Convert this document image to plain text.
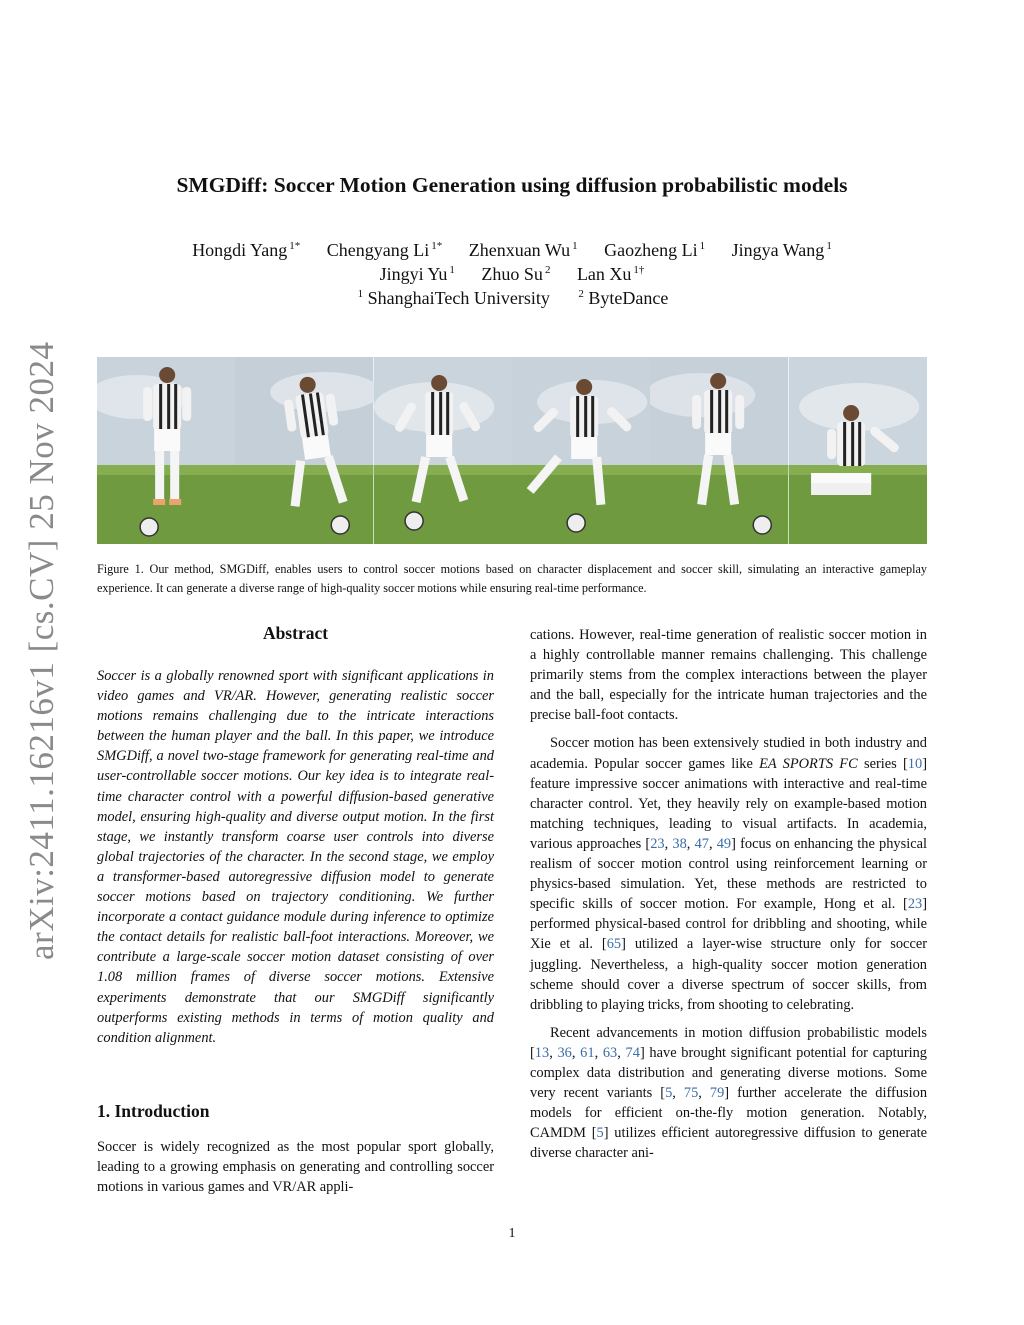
arXiv:2411.16216v1 [cs.CV] 25 Nov 2024
SMGDiff: Soccer Motion Generation using diffusion probabilistic models
Hongdi Yang $^{1*}$ Chengyang Li $^{1*}$ Zhenxuan Wu $^1$ Gaozheng Li $^1$ Jingya Wang $^1$
Jingyi Yu $^1$ Zhuo Su $^2$ Lan Xu $^{1\dagger}$
$^1$ ShanghaiTech University	$^2$ ByteDance
Figure 1. Our method, SMGDiff, enables users to control soccer motions based on character displacement and soccer skill, simulating an interactive gameplay experience. It can generate a diverse range of high-quality soccer motions while ensuring real-time performance.
Abstract
Soccer is a globally renowned sport with significant applications in video games and VR/AR. However, generating realistic soccer motions remains challenging due to the intricate interactions between the human player and the ball. In this paper, we introduce SMGDiff, a novel two-stage framework for generating real-time and user-controllable soccer motions. Our key idea is to integrate real-time character control with a powerful diffusion-based generative model, ensuring high-quality and diverse output motion. In the first stage, we instantly transform coarse user controls into diverse global trajectories of the character. In the second stage, we employ a transformer-based autoregressive diffusion model to generate soccer motions based on trajectory conditioning. We further incorporate a contact guidance module during inference to optimize the contact details for realistic ball-foot interactions. Moreover, we contribute a large-scale soccer motion dataset consisting of over 1.08 million frames of diverse soccer motions. Extensive experiments demonstrate that our SMGDiff significantly outperforms existing methods in terms of motion quality and condition alignment.
1. Introduction
Soccer is widely recognized as the most popular sport globally, leading to a growing emphasis on generating and controlling soccer motions in various games and VR/AR appli-

cations. However, real-time generation of realistic soccer motion in a highly controllable manner remains challenging. This challenge primarily stems from the complex interactions between the player and the ball, especially for the intricate human trajectories and the precise ball-foot contacts.

Soccer motion has been extensively studied in both industry and academia. Popular soccer games like EA SPORTS FC series [10] feature impressive soccer animations with interactive and real-time character control. Yet, they heavily rely on example-based motion matching techniques, leading to visual artifacts. In academia, various approaches [23, 38, 47, 49] focus on enhancing the physical realism of soccer motion control using reinforcement learning or physics-based simulation. Yet, these methods are restricted to specific skills of soccer motion. For example, Hong et al. [23] performed physical-based control for dribbling and shooting, while Xie et al. [65] utilized a layer-wise structure only for soccer juggling. Nevertheless, a high-quality soccer motion generation scheme should cover a diverse spectrum of soccer skills, from dribbling to playing tricks, from shooting to celebrating.

Recent advancements in motion diffusion probabilistic models [13, 36, 61, 63, 74] have brought significant potential for capturing complex data distribution and generating diverse motions. Some very recent variants [5, 75, 79] further accelerate the diffusion models for efficient on-the-fly motion generation. Notably, CAMDM [5] utilizes efficient autoregressive diffusion to generate diverse character ani-

1
